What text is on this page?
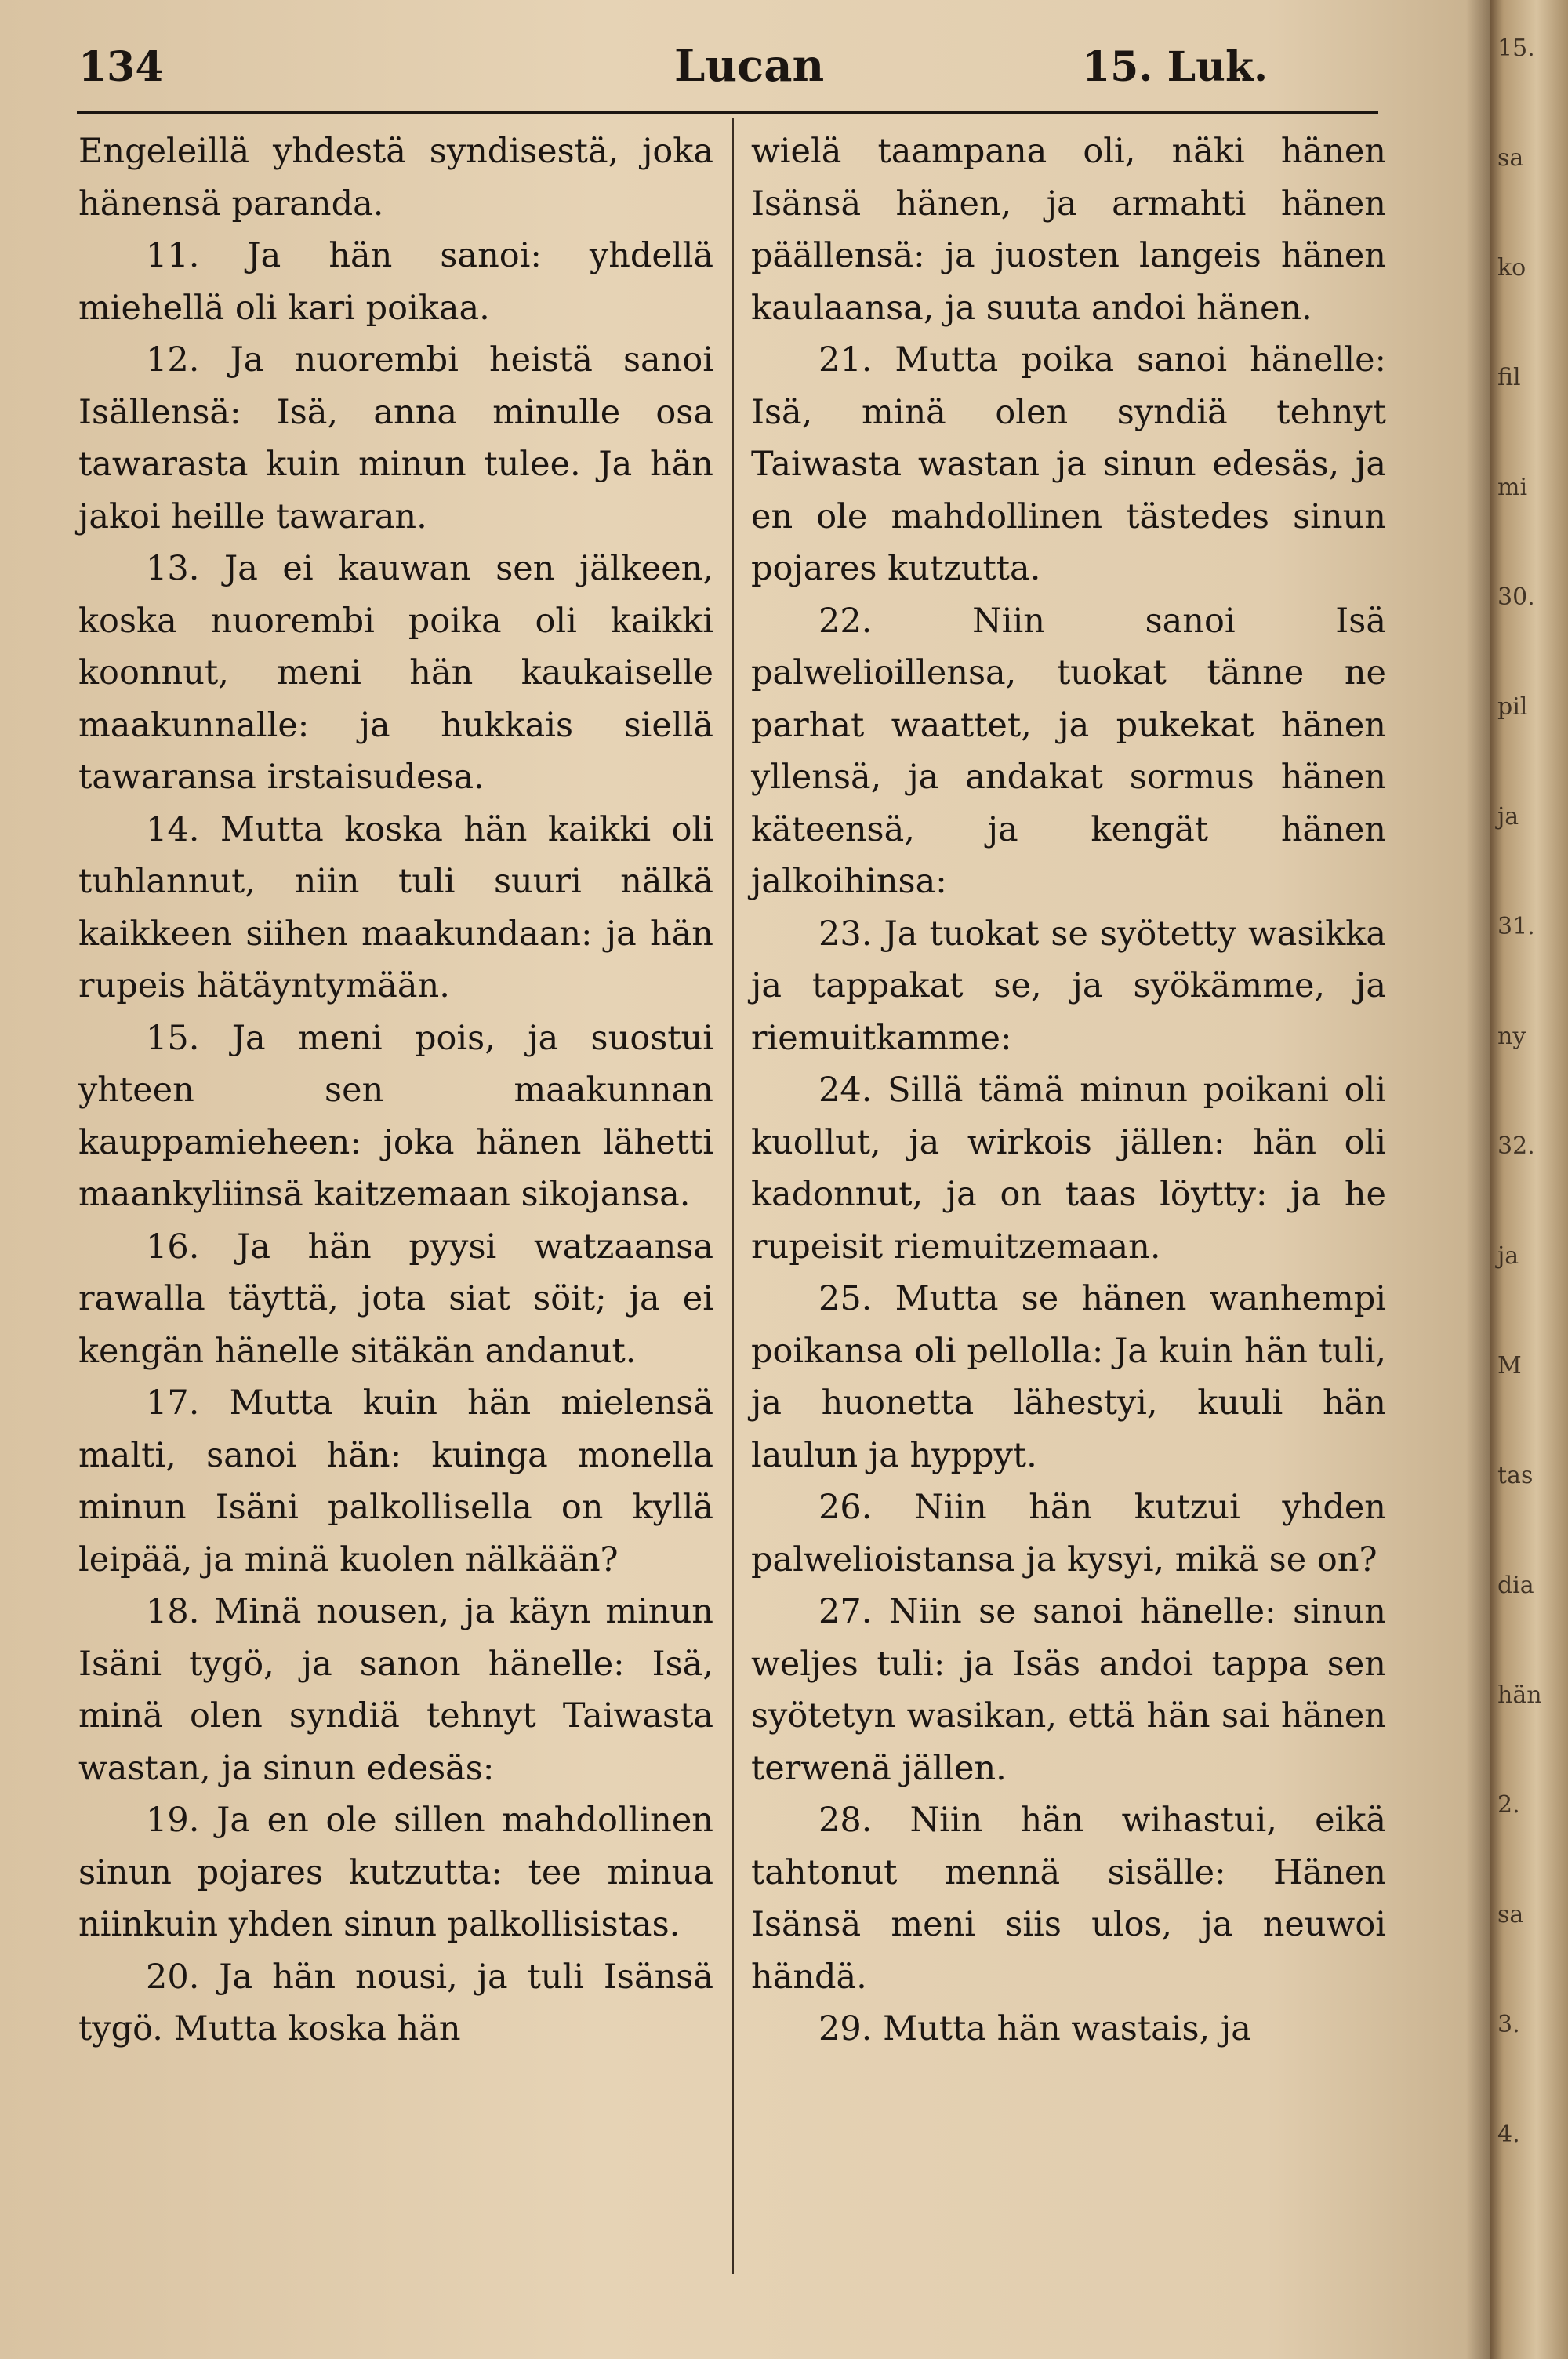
134	Lucan	15. Luk.

Engeleillä yhdestä syndisestä, joka hänensä paranda.

11. Ja hän sanoi: yhdellä miehellä oli kari poikaa.

12. Ja nuorembi heistä sanoi Isällensä: Isä, anna minulle osa tawarasta kuin minun tulee. Ja hän jakoi heille tawaran.

13. Ja ei kauwan sen jälkeen, koska nuorembi poika oli kaikki koonnut, meni hän kaukaiselle maakunnalle: ja hukkais siellä tawaransa irstaisudesa.

14. Mutta koska hän kaikki oli tuhlannut, niin tuli suuri nälkä kaikkeen siihen maakundaan: ja hän rupeis hätäyntymään.

15. Ja meni pois, ja suostui yhteen sen maakunnan kauppamieheen: joka hänen lähetti maankyliinsä kaitzemaan sikojansa.

16. Ja hän pyysi watzaansa rawalla täyttä, jota siat söit; ja ei kengän hänelle sitäkän andanut.

17. Mutta kuin hän mielensä malti, sanoi hän: kuinga monella minun Isäni palkollisella on kyllä leipää, ja minä kuolen nälkään?

18. Minä nousen, ja käyn minun Isäni tygö, ja sanon hänelle: Isä, minä olen syndiä tehnyt Taiwasta wastan, ja sinun edesäs:

19. Ja en ole sillen mahdollinen sinun pojares kutzutta: tee minua niinkuin yhden sinun palkollisistas.

20. Ja hän nousi, ja tuli Isänsä tygö. Mutta koska hän

wielä taampana oli, näki hänen Isänsä hänen, ja armahti hänen päällensä: ja juosten langeis hänen kaulaansa, ja suuta andoi hänen.

21. Mutta poika sanoi hänelle: Isä, minä olen syndiä tehnyt Taiwasta wastan ja sinun edesäs, ja en ole mahdollinen tästedes sinun pojares kutzutta.

22.	Niin sanoi Isä palwelioillensa, tuokat tänne ne parhat waattet, ja pukekat hänen yllensä, ja andakat sormus hänen käteensä, ja kengät hänen jalkoihinsa:

23. Ja tuokat se syötetty wasikka ja tappakat se, ja syökämme, ja riemuitkamme:

24. Sillä tämä minun poikani oli kuollut, ja wirkois jällen: hän oli kadonnut, ja on taas löytty: ja he rupeisit riemuitzemaan.

25. Mutta se hänen wanhempi poikansa oli pellolla: Ja kuin hän tuli, ja huonetta lähestyi, kuuli hän laulun ja hyppyt.

26. Niin hän kutzui yhden palwelioistansa ja kysyi, mikä se on?

27. Niin se sanoi hänelle: sinun weljes tuli: ja Isäs andoi tappa sen syötetyn wasikan, että hän sai hänen terwenä jällen.

28. Niin hän wihastui, eikä tahtonut mennä sisälle: Hänen Isänsä meni siis ulos, ja neuwoi händä.

29. Mutta hän wastais, ja

15.
sa
ko
fil
mi
30.
pil
ja
31.
ny
32.
ja
M
tas
dia
hän
2.
sa
3.
4.
